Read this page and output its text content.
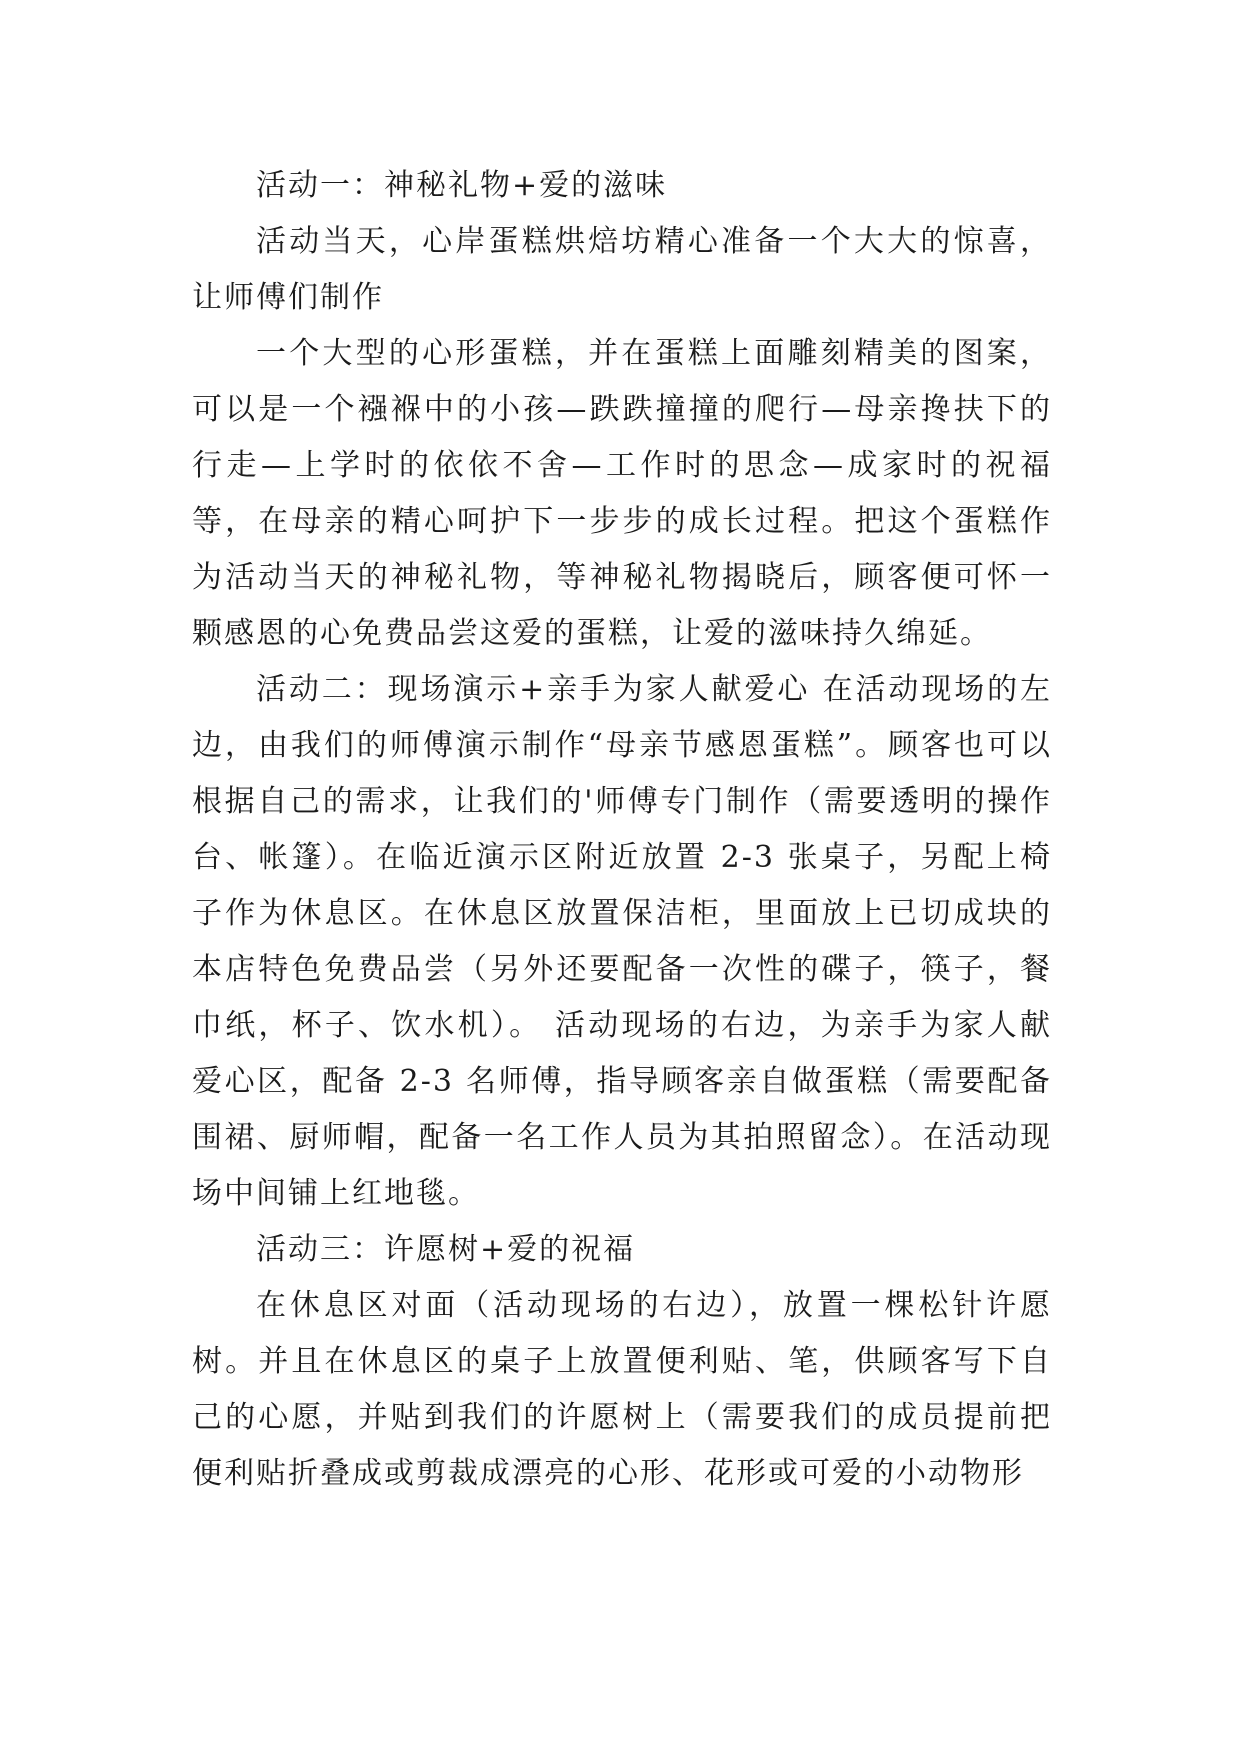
活动一：神秘礼物+爱的滋味

活动当天，心岸蛋糕烘焙坊精心准备一个大大的惊喜，让师傅们制作

一个大型的心形蛋糕，并在蛋糕上面雕刻精美的图案，可以是一个襁褓中的小孩—跌跌撞撞的爬行—母亲搀扶下的行走—上学时的依依不舍—工作时的思念—成家时的祝福等，在母亲的精心呵护下一步步的成长过程。把这个蛋糕作为活动当天的神秘礼物，等神秘礼物揭晓后，顾客便可怀一颗感恩的心免费品尝这爱的蛋糕，让爱的滋味持久绵延。

活动二：现场演示+亲手为家人献爱心 在活动现场的左边，由我们的师傅演示制作“母亲节感恩蛋糕”。顾客也可以根据自己的需求，让我们的'师傅专门制作（需要透明的操作台、帐篷）。在临近演示区附近放置 2-3 张桌子，另配上椅子作为休息区。在休息区放置保洁柜，里面放上已切成块的本店特色免费品尝（另外还要配备一次性的碟子，筷子，餐巾纸，杯子、饮水机）。 活动现场的右边，为亲手为家人献爱心区，配备 2-3 名师傅，指导顾客亲自做蛋糕（需要配备围裙、厨师帽，配备一名工作人员为其拍照留念）。在活动现场中间铺上红地毯。

活动三：许愿树+爱的祝福

在休息区对面（活动现场的右边），放置一棵松针许愿树。并且在休息区的桌子上放置便利贴、笔，供顾客写下自己的心愿，并贴到我们的许愿树上（需要我们的成员提前把便利贴折叠成或剪裁成漂亮的心形、花形或可爱的小动物形
